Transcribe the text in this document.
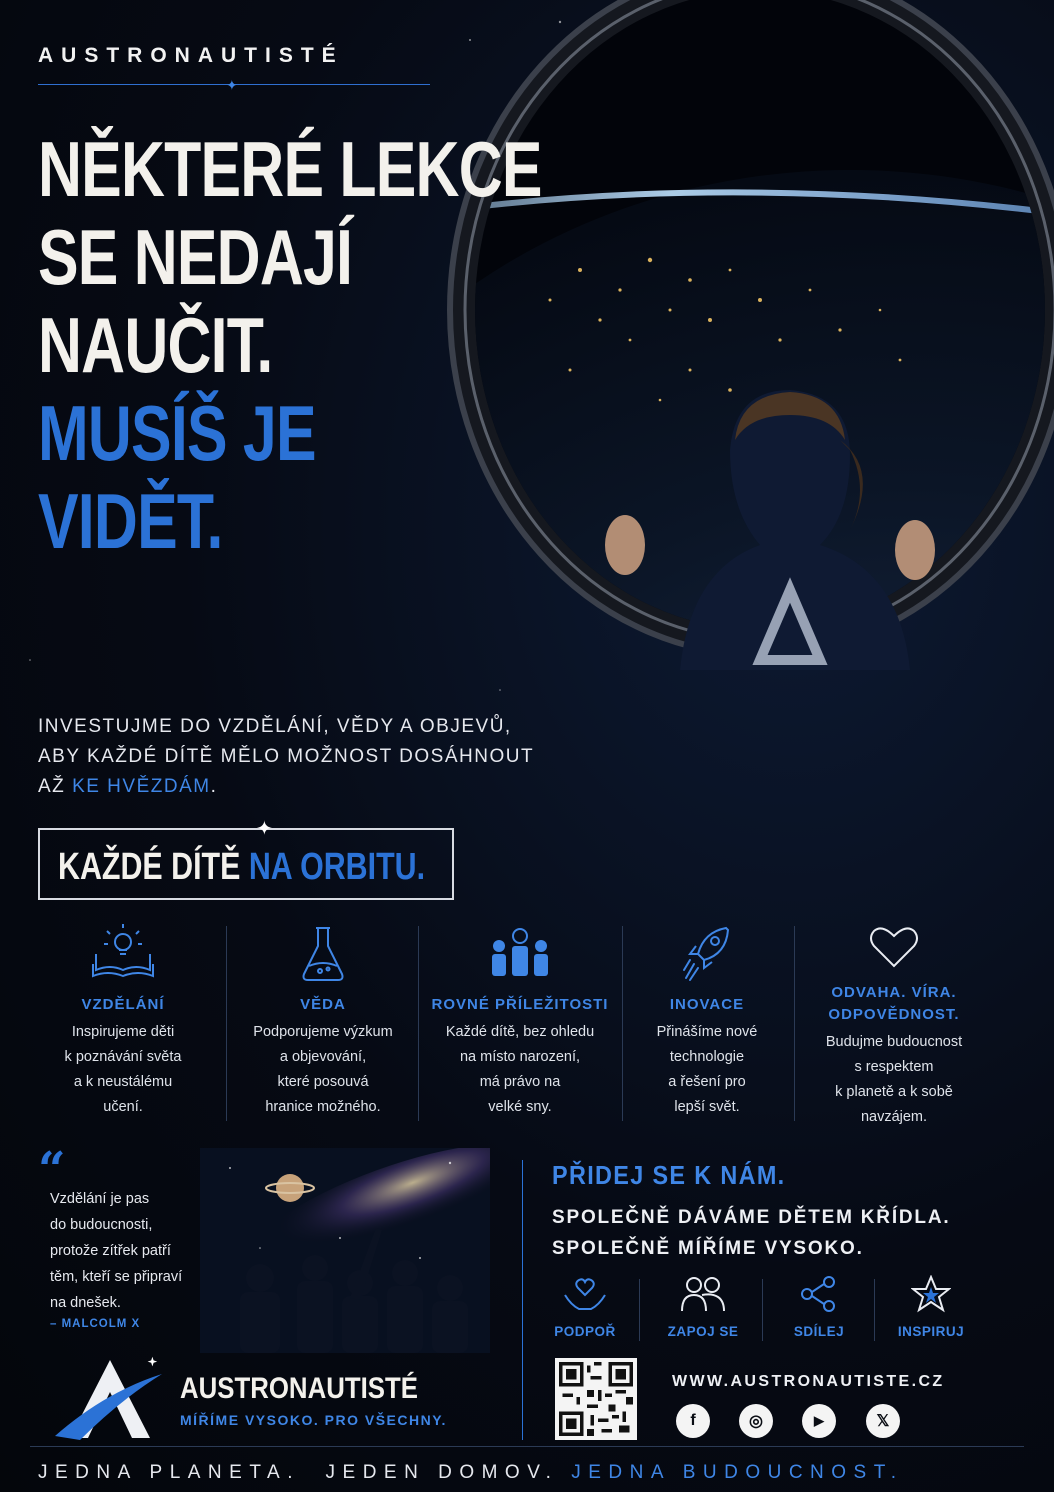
AUSTRONAUTISTÉ
✦
NĚKTERÉ LEKCE
SE NEDAJÍ
NAUČIT.
MUSÍŠ JE
VIDĚT.
INVESTUJME DO VZDĚLÁNÍ, VĚDY A OBJEVŮ,
ABY KAŽDÉ DÍTĚ MĚLO MOŽNOST DOSÁHNOUT
AŽ KE HVĚZDÁM.
KAŽDÉ DÍTĚ NA ORBITU.
✦
VZDĚLÁNÍ
Inspirujeme děti
k poznávání světa
a k neustálému
učení.
VĚDA
Podporujeme výzkum
a objevování,
které posouvá
hranice možného.
ROVNÉ PŘÍLEŽITOSTI
Každé dítě, bez ohledu
na místo narození,
má právo na
velké sny.
INOVACE
Přinášíme nové
technologie
a řešení pro
lepší svět.
ODVAHA. VÍRA.
ODPOVĚDNOST.
Budujme budoucnost
s respektem
k planetě a k sobě
navzájem.
“
Vzdělání je pas
do budoucnosti,
protože zítřek patří
těm, kteří se připraví
na dnešek.
– MALCOLM X
AUSTRONAUTISTÉ
MÍŘÍME VYSOKO. PRO VŠECHNY.
PŘIDEJ SE K NÁM.
SPOLEČNĚ DÁVÁME DĚTEM KŘÍDLA.
SPOLEČNĚ MÍŘÍME VYSOKO.
PODPOŘ	ZAPOJ SE	SDÍLEJ	INSPIRUJ
WWW.AUSTRONAUTISTE.CZ
f	◎	▶	𝕏
JEDNA PLANETA.  JEDEN DOMOV. JEDNA BUDOUCNOST.
